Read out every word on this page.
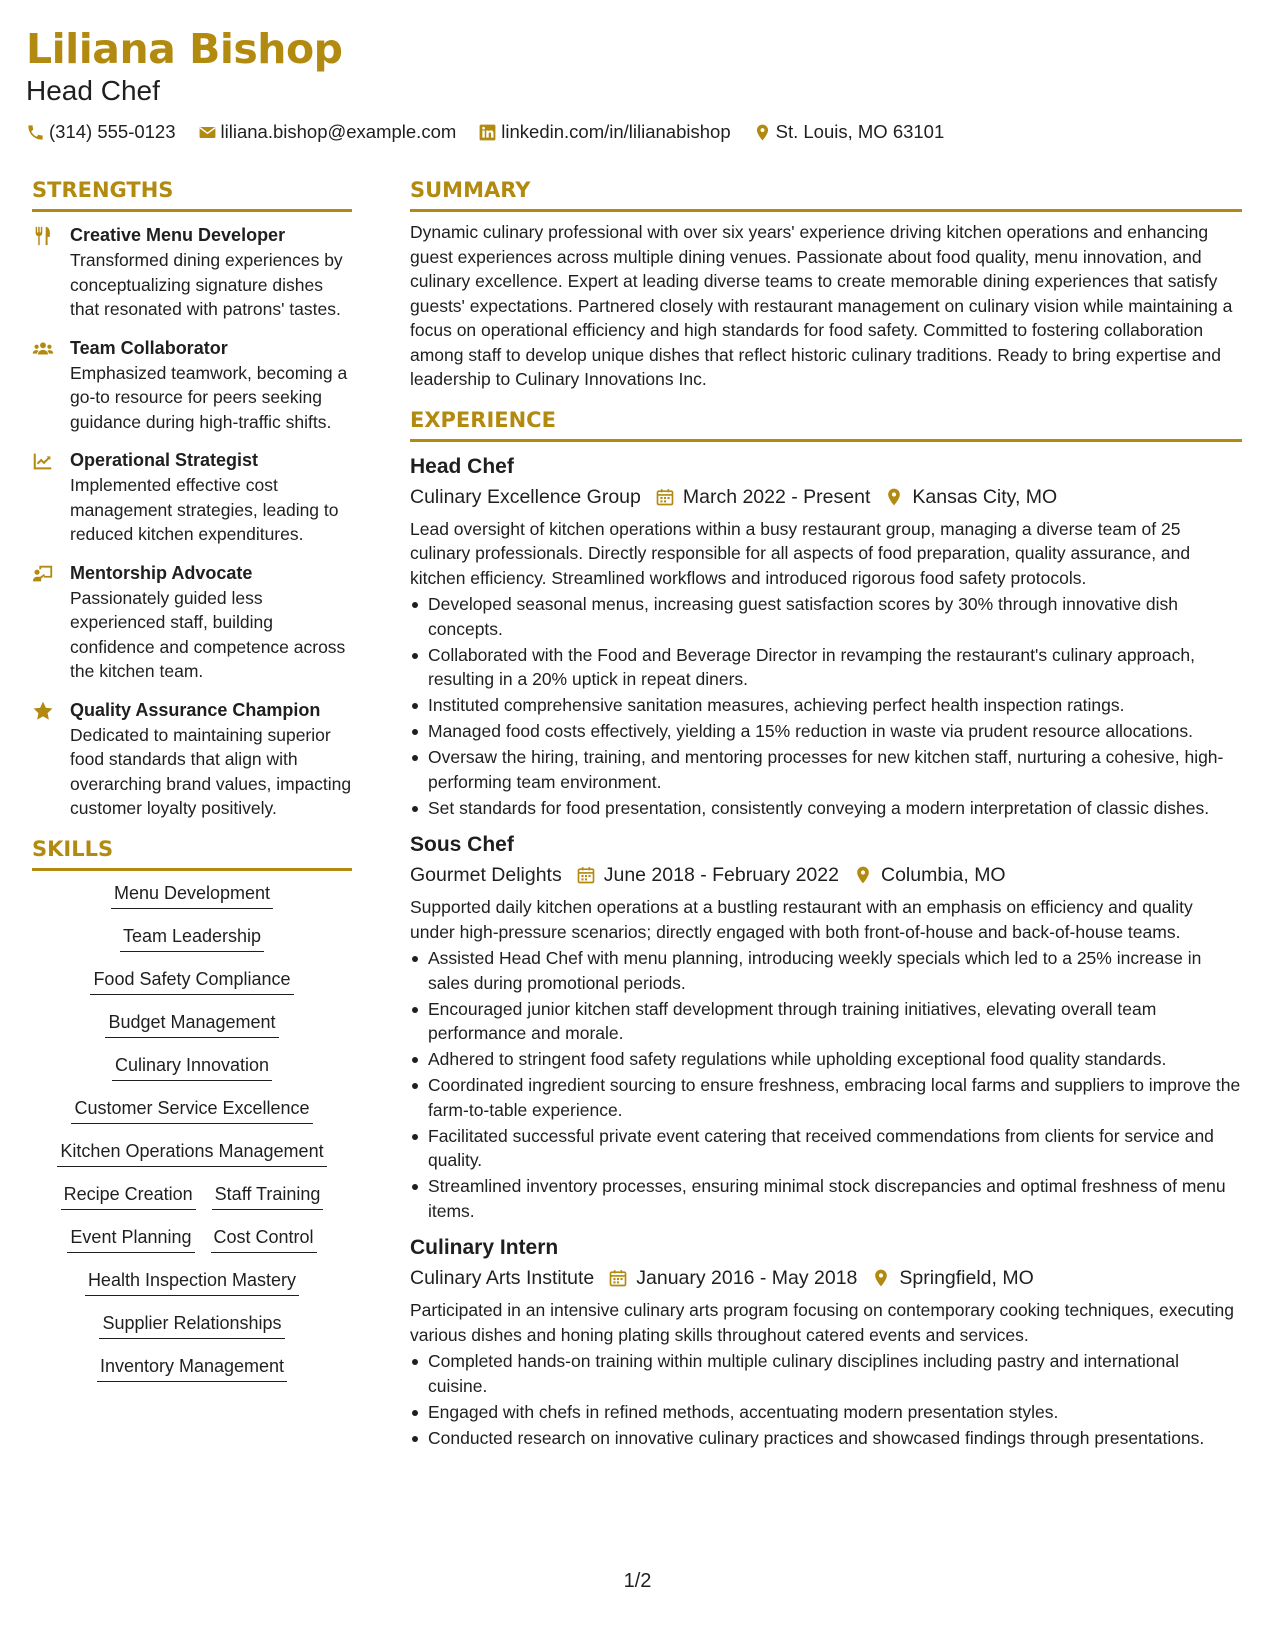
Liliana Bishop
Head Chef
(314) 555-0123 liliana.bishop@example.com linkedin.com/in/lilianabishop St. Louis, MO 63101
STRENGTHS
Creative Menu Developer
Transformed dining experiences by conceptualizing signature dishes that resonated with patrons' tastes.
Team Collaborator
Emphasized teamwork, becoming a go-to resource for peers seeking guidance during high-traffic shifts.
Operational Strategist
Implemented effective cost management strategies, leading to reduced kitchen expenditures.
Mentorship Advocate
Passionately guided less experienced staff, building confidence and competence across the kitchen team.
Quality Assurance Champion
Dedicated to maintaining superior food standards that align with overarching brand values, impacting customer loyalty positively.
SKILLS
Menu Development
Team Leadership
Food Safety Compliance
Budget Management
Culinary Innovation
Customer Service Excellence
Kitchen Operations Management
Recipe Creation Staff Training
Event Planning Cost Control
Health Inspection Mastery
Supplier Relationships
Inventory Management
SUMMARY
Dynamic culinary professional with over six years' experience driving kitchen operations and enhancing guest experiences across multiple dining venues. Passionate about food quality, menu innovation, and culinary excellence. Expert at leading diverse teams to create memorable dining experiences that satisfy guests' expectations. Partnered closely with restaurant management on culinary vision while maintaining a focus on operational efficiency and high standards for food safety. Committed to fostering collaboration among staff to develop unique dishes that reflect historic culinary traditions. Ready to bring expertise and leadership to Culinary Innovations Inc.
EXPERIENCE
Head Chef
Culinary Excellence Group March 2022 - Present Kansas City, MO
Lead oversight of kitchen operations within a busy restaurant group, managing a diverse team of 25 culinary professionals. Directly responsible for all aspects of food preparation, quality assurance, and kitchen efficiency. Streamlined workflows and introduced rigorous food safety protocols.
Developed seasonal menus, increasing guest satisfaction scores by 30% through innovative dish concepts.
Collaborated with the Food and Beverage Director in revamping the restaurant's culinary approach, resulting in a 20% uptick in repeat diners.
Instituted comprehensive sanitation measures, achieving perfect health inspection ratings.
Managed food costs effectively, yielding a 15% reduction in waste via prudent resource allocations.
Oversaw the hiring, training, and mentoring processes for new kitchen staff, nurturing a cohesive, high-performing team environment.
Set standards for food presentation, consistently conveying a modern interpretation of classic dishes.
Sous Chef
Gourmet Delights June 2018 - February 2022 Columbia, MO
Supported daily kitchen operations at a bustling restaurant with an emphasis on efficiency and quality under high-pressure scenarios; directly engaged with both front-of-house and back-of-house teams.
Assisted Head Chef with menu planning, introducing weekly specials which led to a 25% increase in sales during promotional periods.
Encouraged junior kitchen staff development through training initiatives, elevating overall team performance and morale.
Adhered to stringent food safety regulations while upholding exceptional food quality standards.
Coordinated ingredient sourcing to ensure freshness, embracing local farms and suppliers to improve the farm-to-table experience.
Facilitated successful private event catering that received commendations from clients for service and quality.
Streamlined inventory processes, ensuring minimal stock discrepancies and optimal freshness of menu items.
Culinary Intern
Culinary Arts Institute January 2016 - May 2018 Springfield, MO
Participated in an intensive culinary arts program focusing on contemporary cooking techniques, executing various dishes and honing plating skills throughout catered events and services.
Completed hands-on training within multiple culinary disciplines including pastry and international cuisine.
Engaged with chefs in refined methods, accentuating modern presentation styles.
Conducted research on innovative culinary practices and showcased findings through presentations.
1/2
